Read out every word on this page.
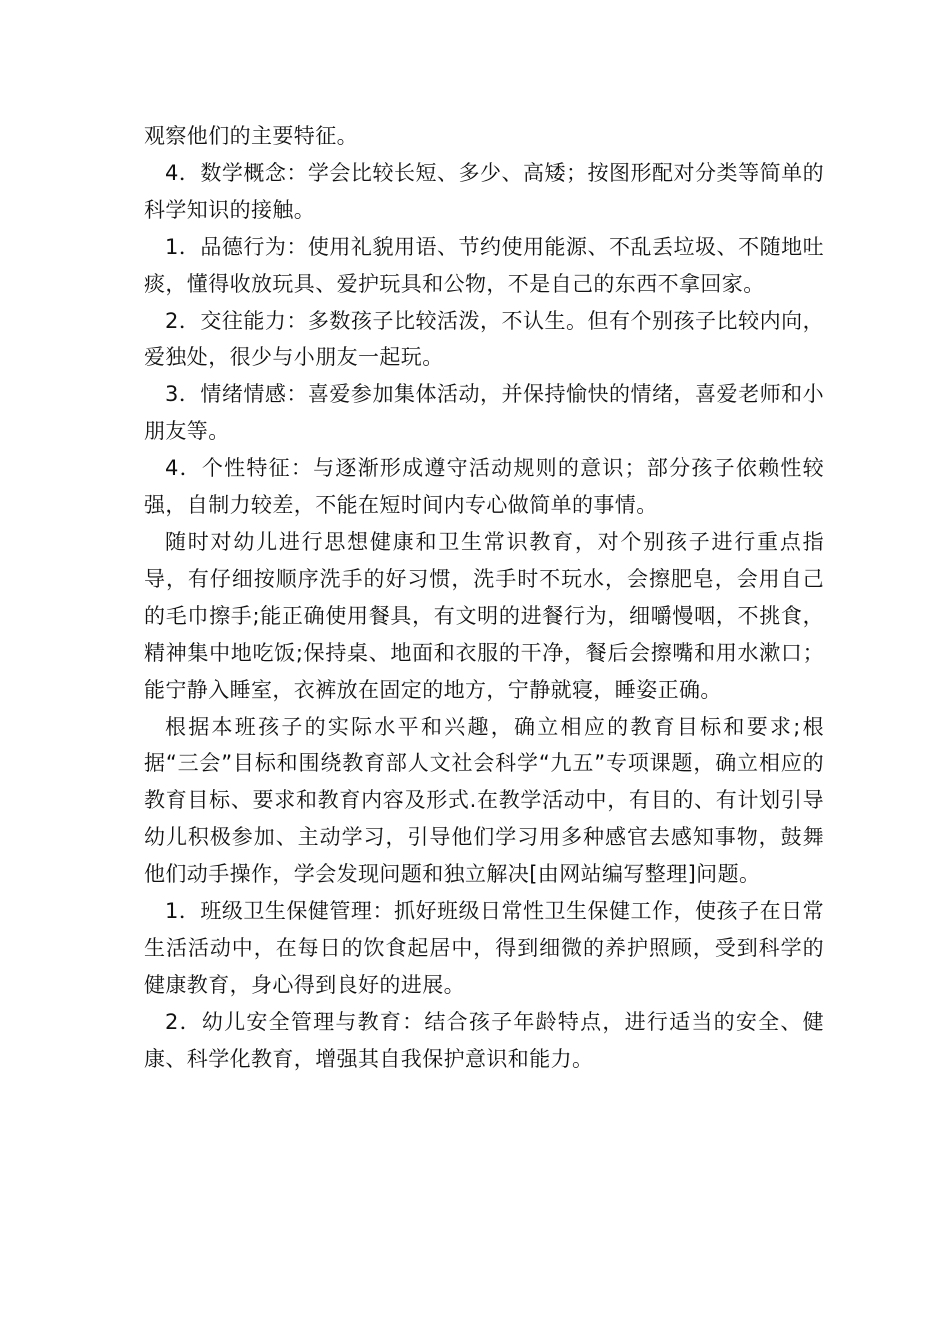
观察他们的主要特征。

4．数学概念：学会比较长短、多少、高矮；按图形配对分类等简单的科学知识的接触。

1．品德行为：使用礼貌用语、节约使用能源、不乱丢垃圾、不随地吐痰，懂得收放玩具、爱护玩具和公物，不是自己的东西不拿回家。

2．交往能力：多数孩子比较活泼，不认生。但有个别孩子比较内向，爱独处，很少与小朋友一起玩。

3．情绪情感：喜爱参加集体活动，并保持愉快的情绪，喜爱老师和小朋友等。

4．个性特征：与逐渐形成遵守活动规则的意识；部分孩子依赖性较强，自制力较差，不能在短时间内专心做简单的事情。

随时对幼儿进行思想健康和卫生常识教育，对个别孩子进行重点指导，有仔细按顺序洗手的好习惯，洗手时不玩水，会擦肥皂，会用自己的毛巾擦手;能正确使用餐具，有文明的进餐行为，细嚼慢咽，不挑食，精神集中地吃饭;保持桌、地面和衣服的干净，餐后会擦嘴和用水漱口；能宁静入睡室，衣裤放在固定的地方，宁静就寝，睡姿正确。

根据本班孩子的实际水平和兴趣，确立相应的教育目标和要求;根据“三会”目标和围绕教育部人文社会科学“九五”专项课题，确立相应的教育目标、要求和教育内容及形式.在教学活动中，有目的、有计划引导幼儿积极参加、主动学习，引导他们学习用多种感官去感知事物，鼓舞他们动手操作，学会发现问题和独立解决[由网站编写整理]问题。

1．班级卫生保健管理：抓好班级日常性卫生保健工作，使孩子在日常生活活动中，在每日的饮食起居中，得到细微的养护照顾，受到科学的健康教育，身心得到良好的进展。

2．幼儿安全管理与教育：结合孩子年龄特点，进行适当的安全、健康、科学化教育，增强其自我保护意识和能力。
